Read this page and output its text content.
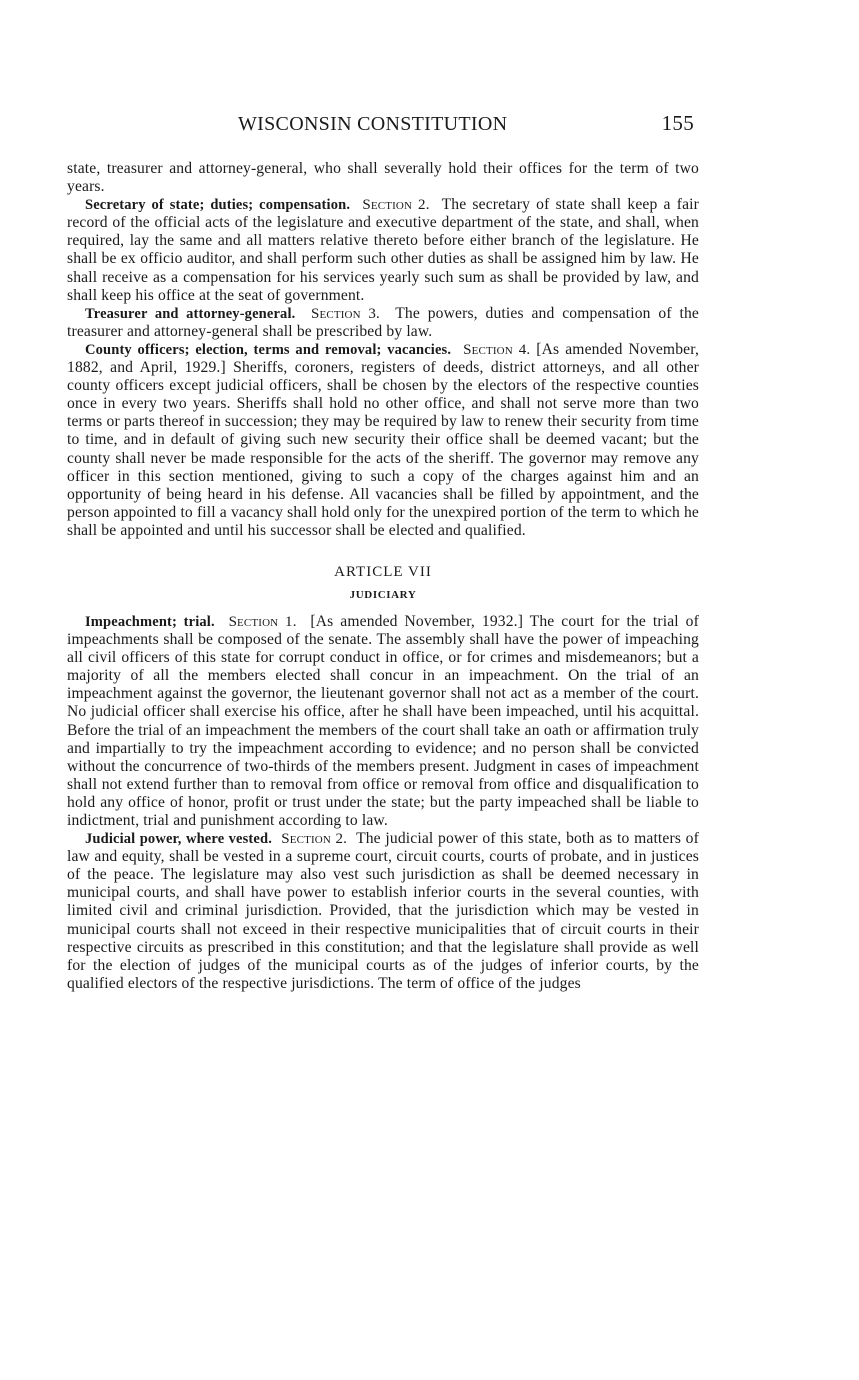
WISCONSIN CONSTITUTION	155

state, treasurer and attorney-general, who shall severally hold their offices for the term of two years.

Secretary of state; duties; compensation. Section 2. The secretary of state shall keep a fair record of the official acts of the legislature and executive department of the state, and shall, when required, lay the same and all matters relative thereto before either branch of the legislature. He shall be ex officio auditor, and shall perform such other duties as shall be assigned him by law. He shall receive as a compensation for his services yearly such sum as shall be provided by law, and shall keep his office at the seat of government.

Treasurer and attorney-general. Section 3. The powers, duties and compensation of the treasurer and attorney-general shall be prescribed by law.

County officers; election, terms and removal; vacancies. Section 4. [As amended November, 1882, and April, 1929.] Sheriffs, coroners, registers of deeds, district attorneys, and all other county officers except judicial officers, shall be chosen by the electors of the respective counties once in every two years. Sheriffs shall hold no other office, and shall not serve more than two terms or parts thereof in succession; they may be required by law to renew their security from time to time, and in default of giving such new security their office shall be deemed vacant; but the county shall never be made responsible for the acts of the sheriff. The governor may remove any officer in this section mentioned, giving to such a copy of the charges against him and an opportunity of being heard in his defense. All vacancies shall be filled by appointment, and the person appointed to fill a vacancy shall hold only for the unexpired portion of the term to which he shall be appointed and until his successor shall be elected and qualified.

ARTICLE VII
JUDICIARY

Impeachment; trial. Section 1. [As amended November, 1932.] The court for the trial of impeachments shall be composed of the senate. The assembly shall have the power of impeaching all civil officers of this state for corrupt conduct in office, or for crimes and misdemeanors; but a majority of all the members elected shall concur in an impeachment. On the trial of an impeachment against the governor, the lieutenant governor shall not act as a member of the court. No judicial officer shall exercise his office, after he shall have been impeached, until his acquittal. Before the trial of an impeachment the members of the court shall take an oath or affirmation truly and impartially to try the impeachment according to evidence; and no person shall be convicted without the concurrence of two-thirds of the members present. Judgment in cases of impeachment shall not extend further than to removal from office or removal from office and disqualification to hold any office of honor, profit or trust under the state; but the party impeached shall be liable to indictment, trial and punishment according to law.

Judicial power, where vested. Section 2. The judicial power of this state, both as to matters of law and equity, shall be vested in a supreme court, circuit courts, courts of probate, and in justices of the peace. The legislature may also vest such jurisdiction as shall be deemed necessary in municipal courts, and shall have power to establish inferior courts in the several counties, with limited civil and criminal jurisdiction. Provided, that the jurisdiction which may be vested in municipal courts shall not exceed in their respective municipalities that of circuit courts in their respective circuits as prescribed in this constitution; and that the legislature shall provide as well for the election of judges of the municipal courts as of the judges of inferior courts, by the qualified electors of the respective jurisdictions. The term of office of the judges
